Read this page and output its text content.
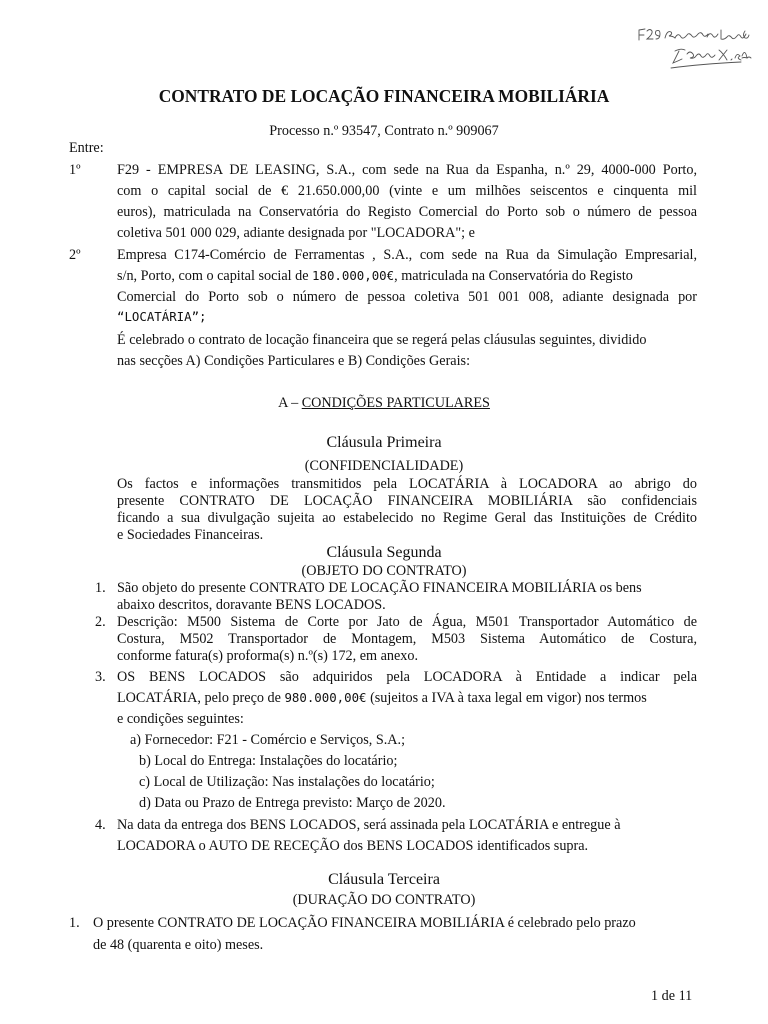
CONTRATO DE LOCAÇÃO FINANCEIRA MOBILIÁRIA
Processo n.º 93547, Contrato n.º 909067
Entre:
1º	F29 - EMPRESA DE LEASING, S.A., com sede na Rua da Espanha, n.º 29, 4000-000 Porto,
com o capital social de € 21.650.000,00 (vinte e um milhões seiscentos e cinquenta mil
euros), matriculada na Conservatória do Registo Comercial do Porto sob o número de pessoa
coletiva 501 000 029, adiante designada por "LOCADORA"; e
2º	Empresa C174-Comércio de Ferramentas , S.A., com sede na Rua da Simulação Empresarial,
s/n, Porto, com o capital social de 180.000,00€, matriculada na Conservatória do Registo
Comercial do Porto sob o número de pessoa coletiva 501 001 008, adiante designada por
“LOCATÁRIA”;
É celebrado o contrato de locação financeira que se regerá pelas cláusulas seguintes, dividido
nas secções A) Condições Particulares e B) Condições Gerais:
A – CONDIÇÕES PARTICULARES
Cláusula Primeira
(CONFIDENCIALIDADE)
Os factos e informações transmitidos pela LOCATÁRIA à LOCADORA ao abrigo do
presente CONTRATO DE LOCAÇÃO FINANCEIRA MOBILIÁRIA são confidenciais
ficando a sua divulgação sujeita ao estabelecido no Regime Geral das Instituições de Crédito
e Sociedades Financeiras.
Cláusula Segunda
(OBJETO DO CONTRATO)
1. São objeto do presente CONTRATO DE LOCAÇÃO FINANCEIRA MOBILIÁRIA os bens
abaixo descritos, doravante BENS LOCADOS.
2. Descrição: M500 Sistema de Corte por Jato de Água, M501 Transportador Automático de
Costura, M502 Transportador de Montagem, M503 Sistema Automático de Costura,
conforme fatura(s) proforma(s) n.º(s) 172, em anexo.
3. OS BENS LOCADOS são adquiridos pela LOCADORA à Entidade a indicar pela
LOCATÁRIA, pelo preço de 980.000,00€ (sujeitos a IVA à taxa legal em vigor) nos termos
e condições seguintes:
a) Fornecedor: F21 - Comércio e Serviços, S.A.;
b) Local do Entrega: Instalações do locatário;
c) Local de Utilização: Nas instalações do locatário;
d) Data ou Prazo de Entrega previsto: Março de 2020.
4. Na data da entrega dos BENS LOCADOS, será assinada pela LOCATÁRIA e entregue à
LOCADORA o AUTO DE RECEÇÃO dos BENS LOCADOS identificados supra.
Cláusula Terceira
(DURAÇÃO DO CONTRATO)
1. O presente CONTRATO DE LOCAÇÃO FINANCEIRA MOBILIÁRIA é celebrado pelo prazo
de 48 (quarenta e oito) meses.
1 de 11
